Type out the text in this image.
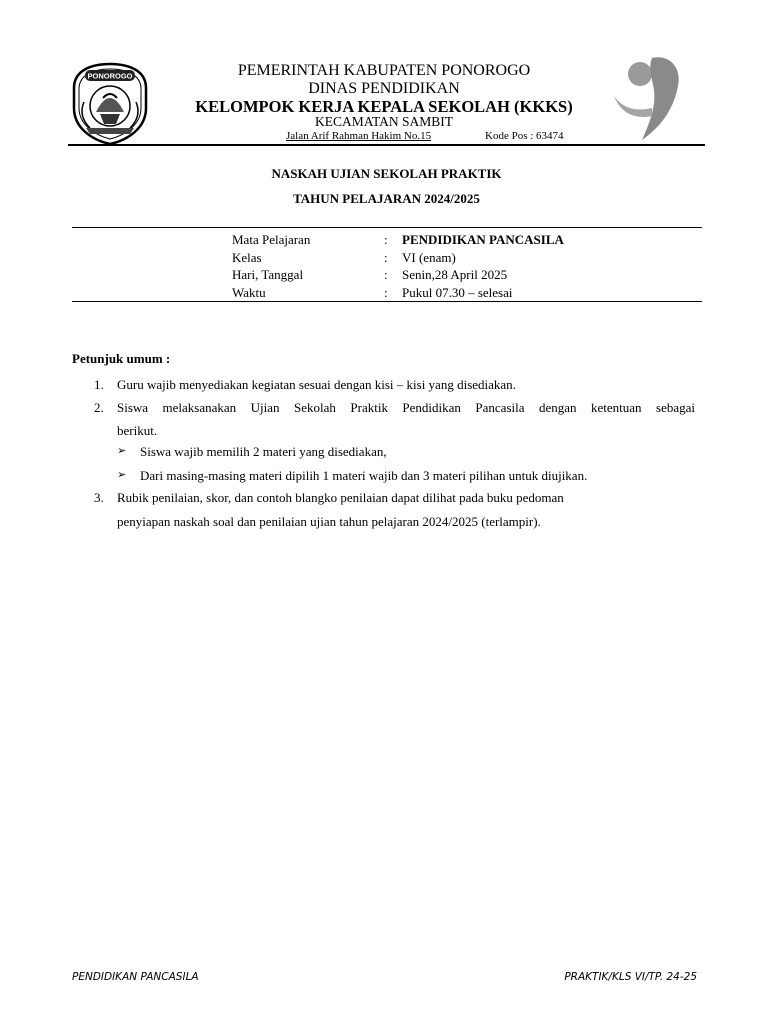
PONOROGO	PEMERINTAH KABUPATEN PONOROGO
DINAS PENDIDIKAN
KELOMPOK KERJA KEPALA SEKOLAH (KKKS)
KECAMATAN SAMBIT
Jalan Arif Rahman Hakim No.15	Kode Pos : 63474
NASKAH UJIAN SEKOLAH PRAKTIK
TAHUN PELAJARAN 2024/2025
Mata Pelajaran	:	PENDIDIKAN PANCASILA
Kelas	:	VI (enam)
Hari, Tanggal	:	Senin,28 April 2025
Waktu	:	Pukul 07.30 – selesai
Petunjuk umum :
1. Guru wajib menyediakan kegiatan sesuai dengan kisi – kisi yang disediakan.
2. Siswa melaksanakan Ujian Sekolah Praktik Pendidikan Pancasila dengan ketentuan sebagai
berikut.
➢ Siswa wajib memilih 2 materi yang disediakan,
➢ Dari masing-masing materi dipilih 1 materi wajib dan 3 materi pilihan untuk diujikan.
3. Rubik penilaian, skor, dan contoh blangko penilaian dapat dilihat pada buku pedoman
penyiapan naskah soal dan penilaian ujian tahun pelajaran 2024/2025 (terlampir).
PENDIDIKAN PANCASILA	PRAKTIK/KLS VI/TP. 24-25
